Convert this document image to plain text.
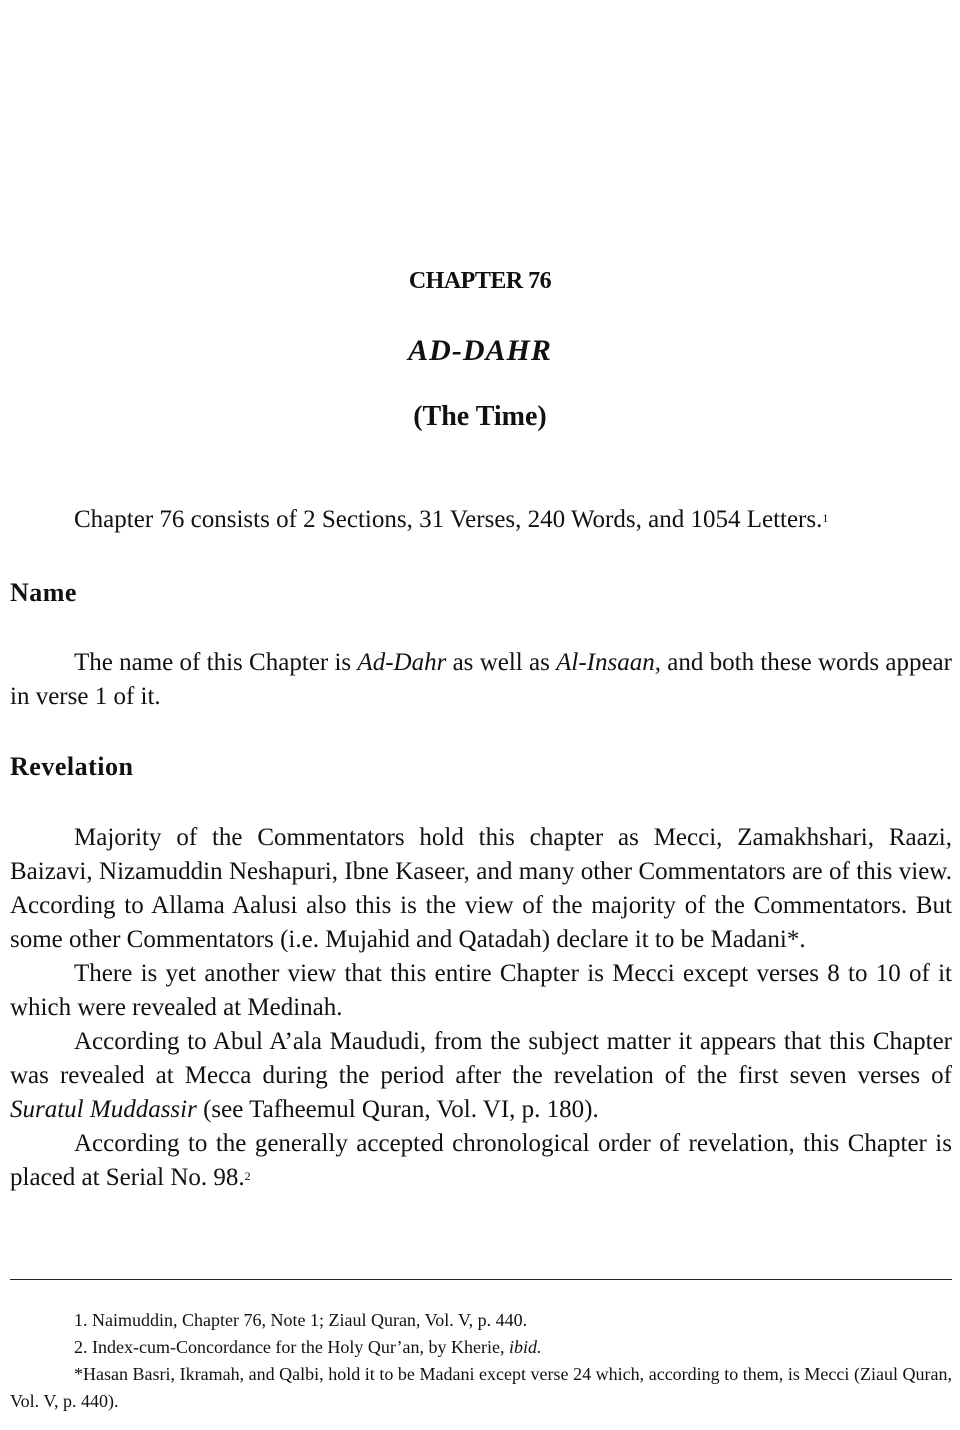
CHAPTER 76
AD-DAHR
(The Time)
Chapter 76 consists of 2 Sections, 31 Verses, 240 Words, and 1054 Letters.$^1$
Name
The name of this Chapter is Ad-Dahr as well as Al-Insaan, and both these words appear in verse 1 of it.
Revelation

Majority of the Commentators hold this chapter as Mecci, Zamakhshari, Raazi, Baizavi, Nizamuddin Neshapuri, Ibne Kaseer, and many other Commentators are of this view. According to Allama Aalusi also this is the view of the majority of the Commentators. But some other Commentators (i.e. Mujahid and Qatadah) declare it to be Madani*.

There is yet another view that this entire Chapter is Mecci except verses 8 to 10 of it which were revealed at Medinah.

According to Abul A’ala Maududi, from the subject matter it appears that this Chapter was revealed at Mecca during the period after the revelation of the first seven verses of Suratul Muddassir (see Tafheemul Quran, Vol. VI, p. 180).

According to the generally accepted chronological order of revelation, this Chapter is placed at Serial No. 98.$^2$

1. Naimuddin, Chapter 76, Note 1; Ziaul Quran, Vol. V, p. 440.

2. Index-cum-Concordance for the Holy Qur’an, by Kherie, ibid.

*Hasan Basri, Ikramah, and Qalbi, hold it to be Madani except verse 24 which, according to them, is Mecci (Ziaul Quran, Vol. V, p. 440).
